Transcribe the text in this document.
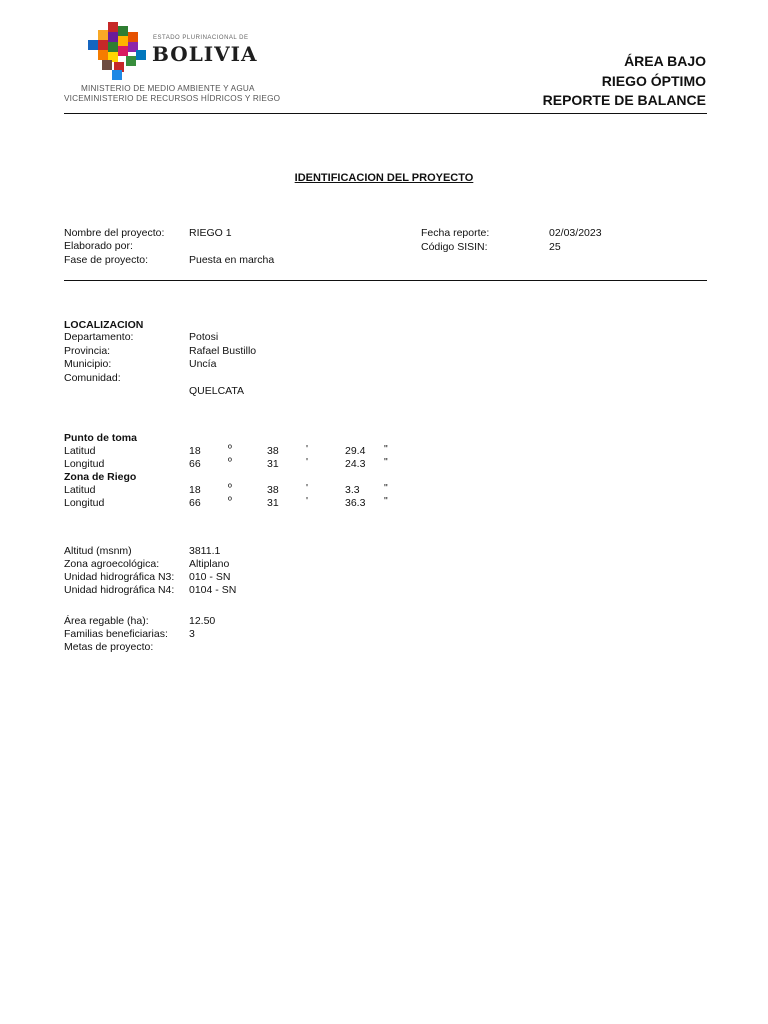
ESTADO PLURINACIONAL DE
BOLIVIA
MINISTERIO DE MEDIO AMBIENTE Y AGUA
VICEMINISTERIO DE RECURSOS HÍDRICOS Y RIEGO
ÁREA BAJO
RIEGO ÓPTIMO
REPORTE DE BALANCE
IDENTIFICACION DEL PROYECTO
Nombre del proyecto: RIEGO 1
Elaborado por:
Fase de proyecto:	Puesta en marcha
Fecha reporte:	02/03/2023
Código SISIN:	25
LOCALIZACION
Departamento:	Potosi
Provincia:	Rafael Bustillo
Municipio:	Uncía
Comunidad:
QUELCATA
Punto de toma
Latitud	18	º	38	'	29.4 "
Longitud	66	º	31	'	24.3 "
Zona de Riego
Latitud	18	º	38	'	3.3 "
Longitud	66	º	31	'	36.3 "
Altitud (msnm)	3811.1
Zona agroecológica:	Altiplano
Unidad hidrográfica N3: 010 - SN
Unidad hidrográfica N4: 0104 - SN
Área regable (ha):	12.50
Familias beneficiarias: 3
Metas de proyecto:
